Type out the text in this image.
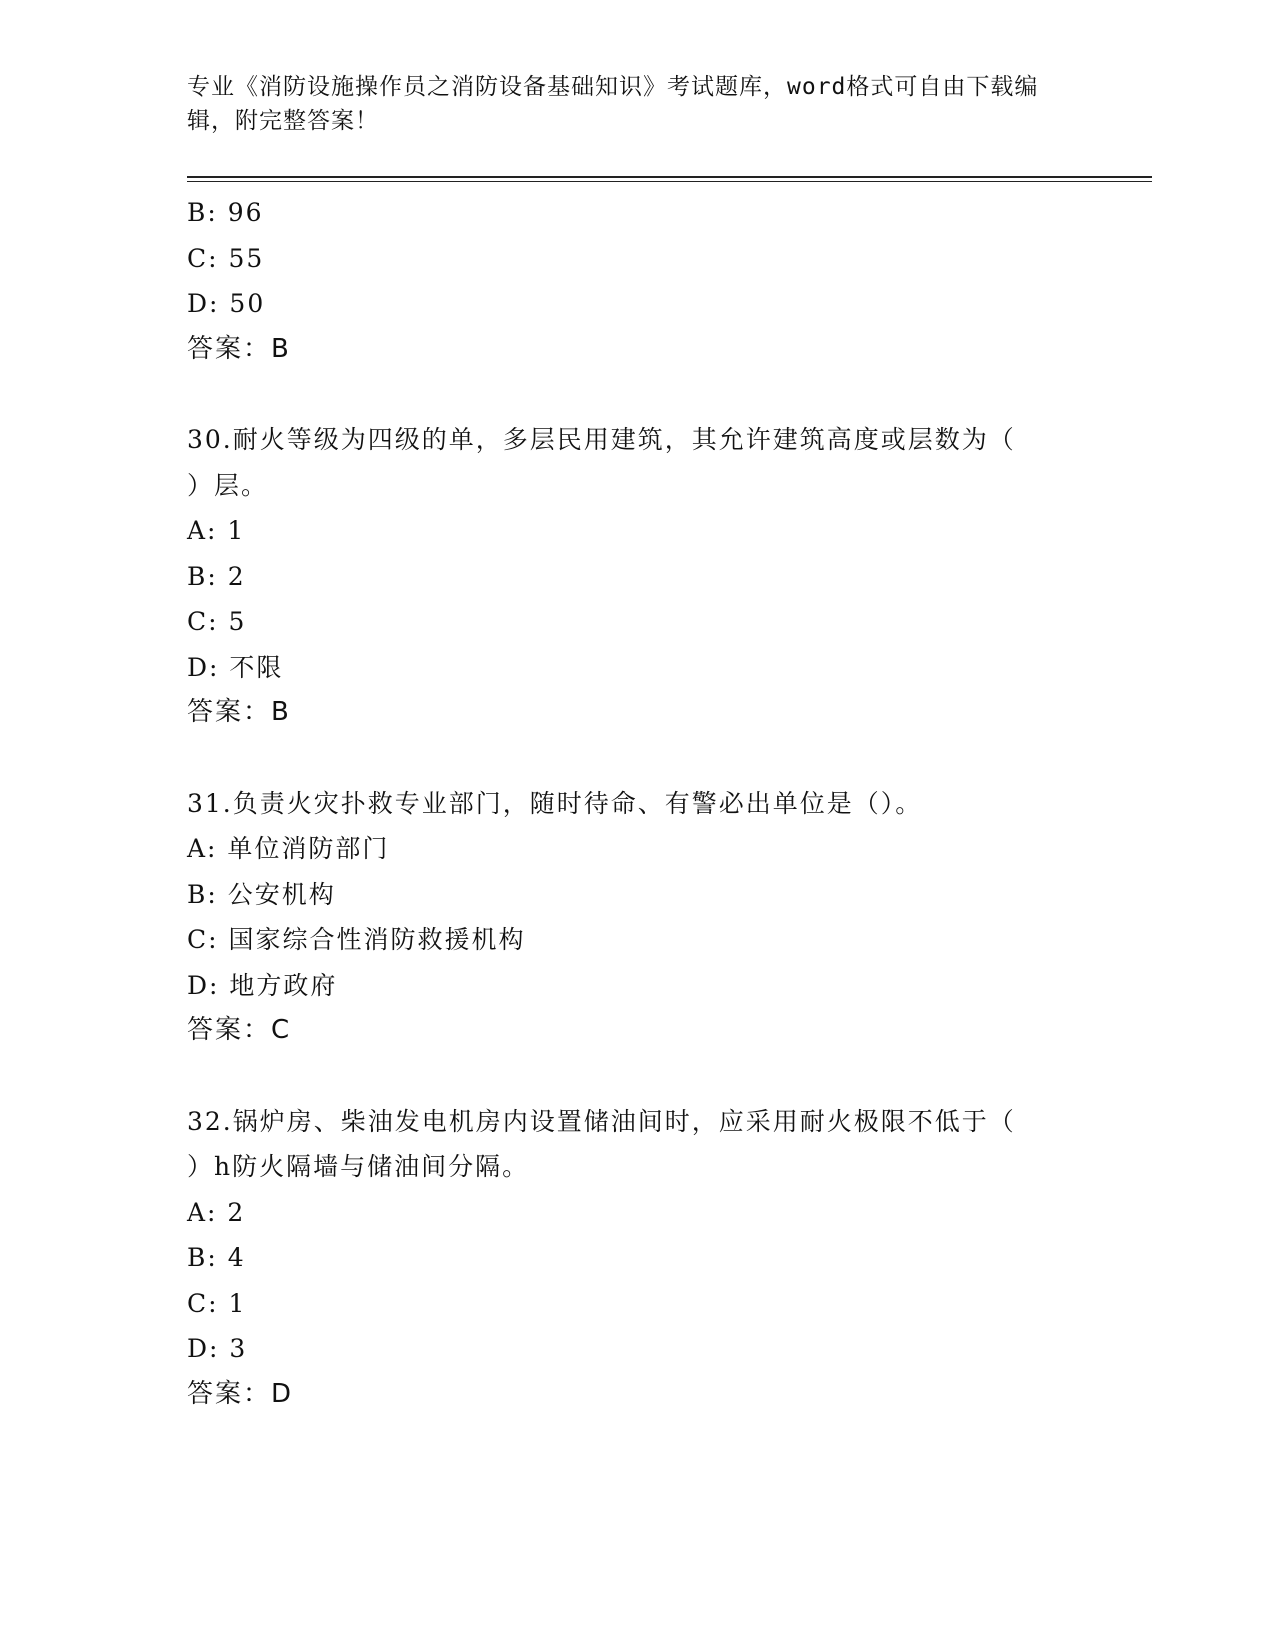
专业《消防设施操作员之消防设备基础知识》考试题库，word格式可自由下载编
辑，附完整答案！
B: 96
C: 55
D: 50
答案：B
30.耐火等级为四级的单，多层民用建筑，其允许建筑高度或层数为（
）层。
A: 1
B: 2
C: 5
D: 不限
答案：B
31.负责火灾扑救专业部门，随时待命、有警必出单位是（）。
A: 单位消防部门
B: 公安机构
C: 国家综合性消防救援机构
D: 地方政府
答案：C
32.锅炉房、柴油发电机房内设置储油间时，应采用耐火极限不低于（
）h防火隔墙与储油间分隔。
A: 2
B: 4
C: 1
D: 3
答案：D
